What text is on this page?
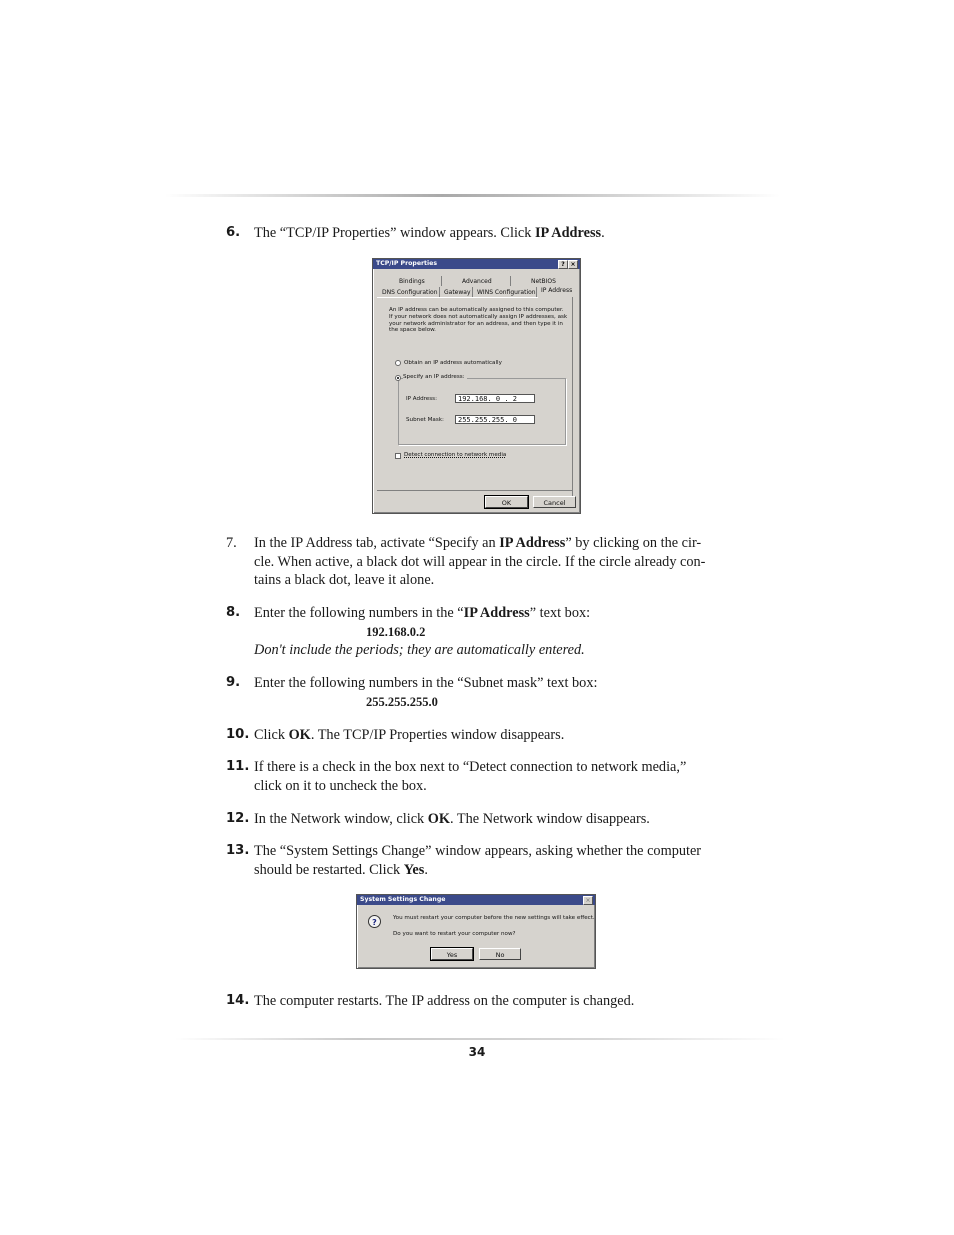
6. The “TCP/IP Properties” window appears. Click IP Address.
TCP/IP Properties	? ×
Bindings	Advanced	NetBIOS
DNS Configuration Gateway WINS Configuration IP Address
An IP address can be automatically assigned to this computer.
If your network does not automatically assign IP addresses, ask
your network administrator for an address, and then type it in
the space below.
Obtain an IP address automatically
Specify an IP address:
IP Address:	192.168. 0 . 2
Subnet Mask:	255.255.255. 0
Detect connection to network media
OK	Cancel
7.	In the IP Address tab, activate “Specify an IP Address” by clicking on the cir-
cle. When active, a black dot will appear in the circle. If the circle already con-
tains a black dot, leave it alone.
8. Enter the following numbers in the “IP Address” text box:
192.168.0.2
Don't include the periods; they are automatically entered.
9. Enter the following numbers in the “Subnet mask” text box:
255.255.255.0
10. Click OK. The TCP/IP Properties window disappears.
11. If there is a check in the box next to “Detect connection to network media,”
click on it to uncheck the box.
12. In the Network window, click OK. The Network window disappears.
13. The “System Settings Change” window appears, asking whether the computer
should be restarted. Click Yes.
System Settings Change	×
?	You must restart your computer before the new settings will take effect.
Do you want to restart your computer now?
Yes	No
14. The computer restarts. The IP address on the computer is changed.
34
